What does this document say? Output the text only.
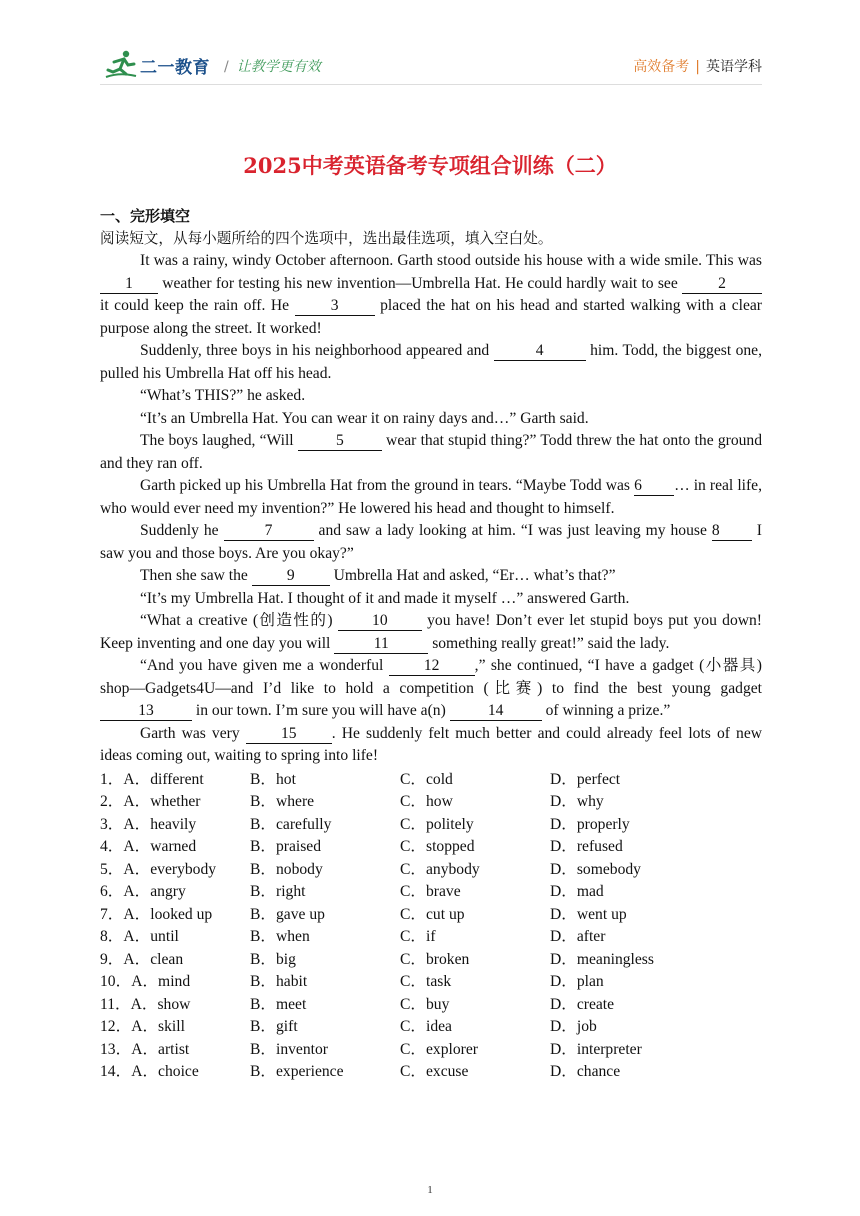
二一教育 / 让教学更有效	高效备考 | 英语学科
2025中考英语备考专项组合训练（二）
一、完形填空
阅读短文，从每小题所给的四个选项中，选出最佳选项，填入空白处。

It was a rainy, windy October afternoon. Garth stood outside his house with a wide smile. This was 1 weather for testing his new invention—Umbrella Hat. He could hardly wait to see 2 it could keep the rain off. He 3 placed the hat on his head and started walking with a clear purpose along the street. It worked!

Suddenly, three boys in his neighborhood appeared and	4	him. Todd, the biggest one, pulled his Umbrella Hat off his head.

“What’s THIS?” he asked.

“It’s an Umbrella Hat. You can wear it on rainy days and…” Garth said.

The boys laughed, “Will 5 wear that stupid thing?” Todd threw the hat onto the ground and they ran off.

Garth picked up his Umbrella Hat from the ground in tears. “Maybe Todd was 6 … in real life, who would ever need my invention?” He lowered his head and thought to himself.

Suddenly he	7	and saw a lady looking at him. “I was just leaving my house 8 I saw you and those boys. Are you okay?”

Then she saw the 9 Umbrella Hat and asked, “Er… what’s that?”

“It’s my Umbrella Hat. I thought of it and made it myself …” answered Garth.

“What a creative (创造性的) 10 you have! Don’t ever let stupid boys put you down! Keep inventing and one day you will	11	something really great!” said the lady.

“And you have given me a wonderful 12 ,” she continued, “I have a gadget (小器具) shop—Gadgets4U—and I’d like to hold a competition (比赛) to find the best young gadget 13 in our town. I’m sure you will have a(n) 14 of winning a prize.”

Garth was very 15 . He suddenly felt much better and could already feel lots of new ideas coming out, waiting to spring into life!

1．A．different	B．hot	C．cold	D．perfect
2．A．whether	B．where	C．how	D．why
3．A．heavily	B．carefully	C．politely	D．properly
4．A．warned	B．praised	C．stopped	D．refused
5．A．everybody	B．nobody	C．anybody	D．somebody
6．A．angry	B．right	C．brave	D．mad
7．A．looked up	B．gave up	C．cut up	D．went up
8．A．until	B．when	C．if	D．after
9．A．clean	B．big	C．broken	D．meaningless
10．A．mind	B．habit	C．task	D．plan
11．A．show	B．meet	C．buy	D．create
12．A．skill	B．gift	C．idea	D．job
13．A．artist	B．inventor	C．explorer	D．interpreter
14．A．choice	B．experience	C．excuse	D．chance
1
